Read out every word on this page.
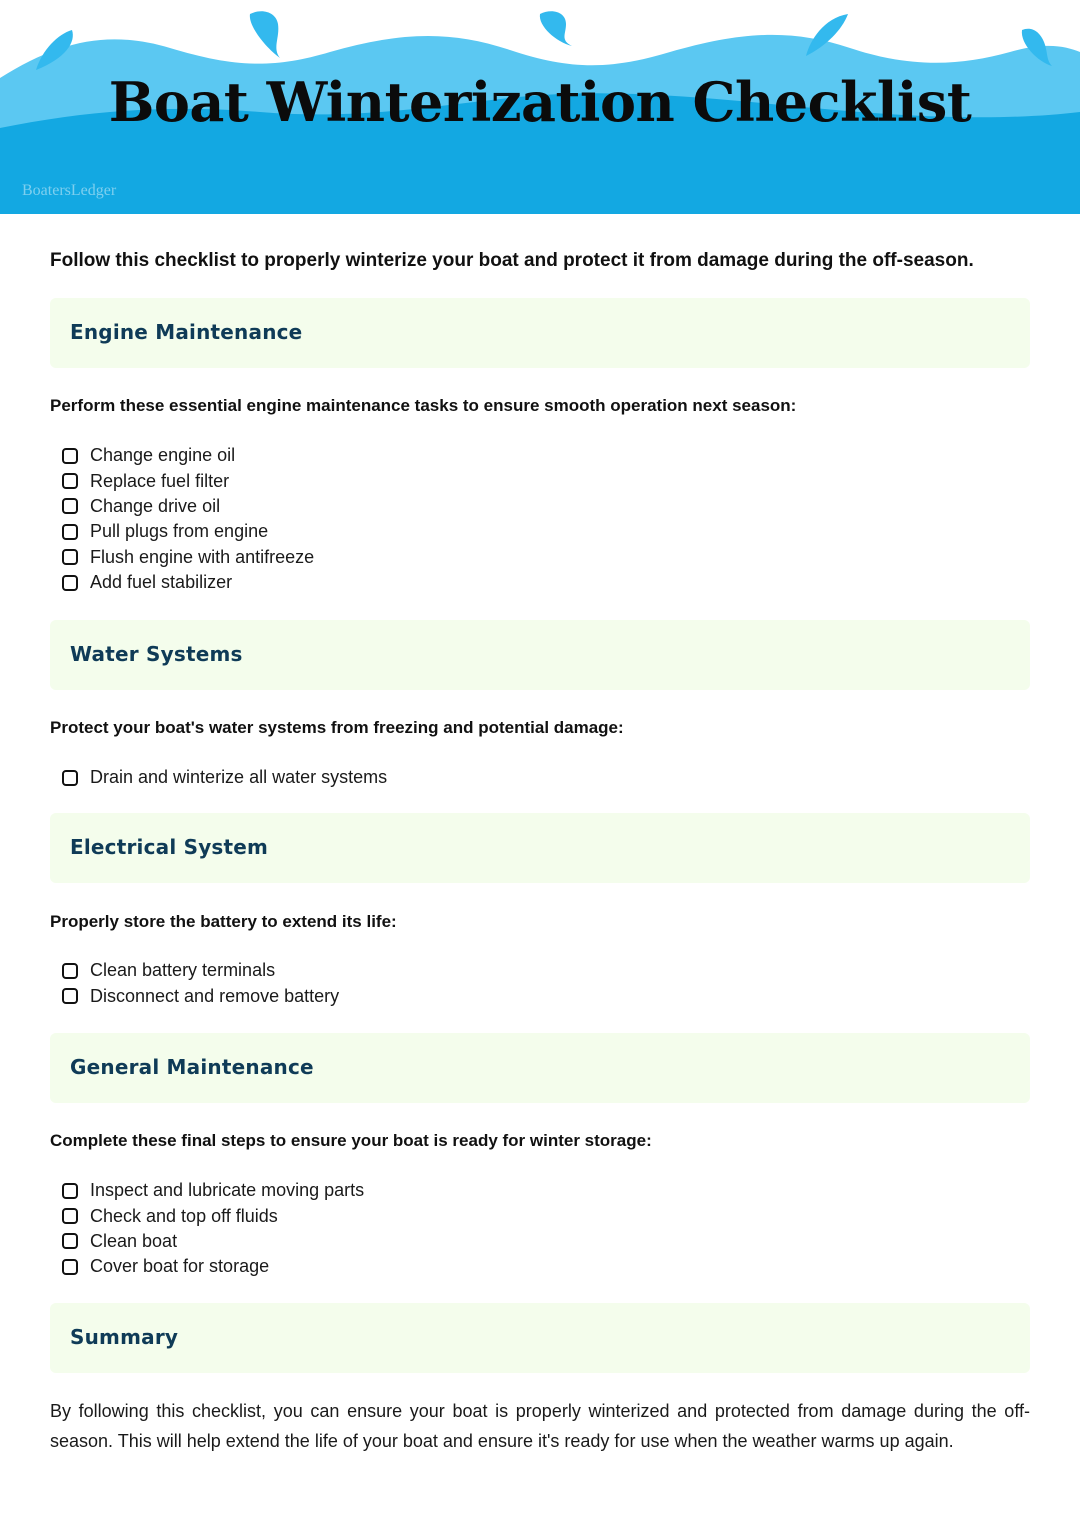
Boat Winterization Checklist
BoatersLedger

Follow this checklist to properly winterize your boat and protect it from damage during the off-season.

Engine Maintenance

Perform these essential engine maintenance tasks to ensure smooth operation next season:

Change engine oil
Replace fuel filter
Change drive oil
Pull plugs from engine
Flush engine with antifreeze
Add fuel stabilizer
Water Systems

Protect your boat's water systems from freezing and potential damage:

Drain and winterize all water systems
Electrical System

Properly store the battery to extend its life:

Clean battery terminals
Disconnect and remove battery
General Maintenance

Complete these final steps to ensure your boat is ready for winter storage:

Inspect and lubricate moving parts
Check and top off fluids
Clean boat
Cover boat for storage
Summary

By following this checklist, you can ensure your boat is properly winterized and protected from damage during the off-season. This will help extend the life of your boat and ensure it's ready for use when the weather warms up again.
